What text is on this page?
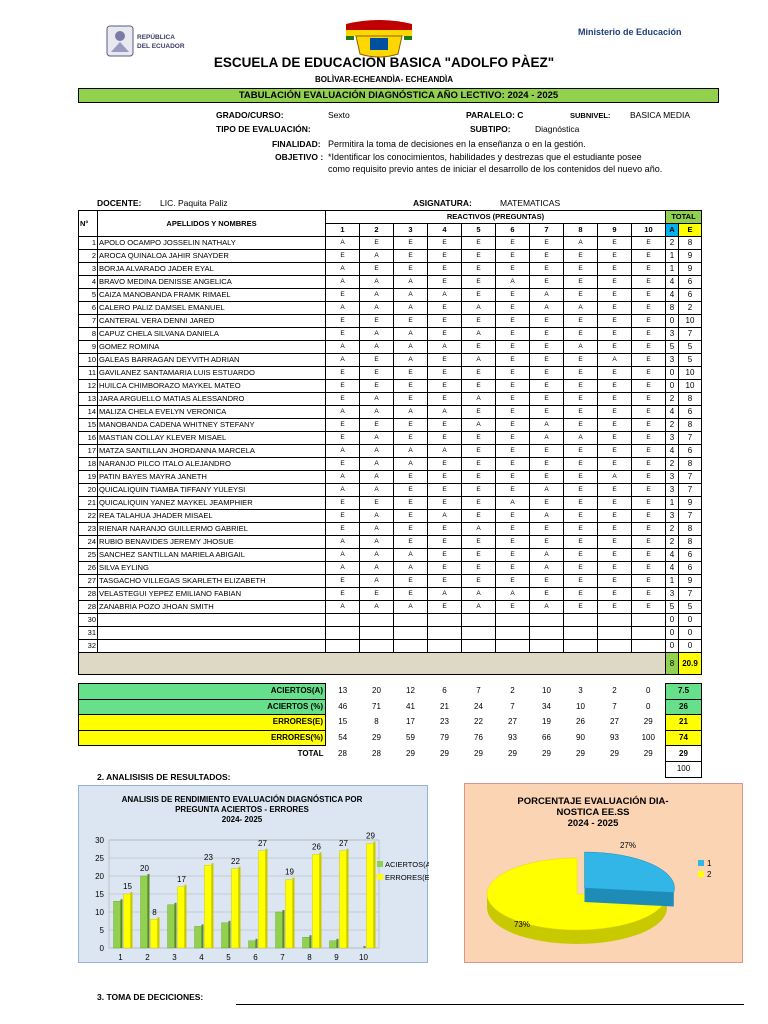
REPÚBLICA
DEL ECUADOR
Ministerio de Educación
ESCUELA DE EDUCACION BASICA "ADOLFO PÀEZ"
BOLÌVAR-ECHEANDÌA- ECHEANDÌA
TABULACIÓN EVALUACIÓN DIAGNÓSTICA AÑO LECTIVO: 2024 - 2025
GRADO/CURSO:	Sexto	PARALELO: C	SUBNIVEL: BASICA MEDIA
TIPO DE EVALUACIÓN:	SUBTIPO:	Diagnóstica
FINALIDAD: Permitira la toma de decisiones en la enseñanza o en la gestión.
OBJETIVO : *Identificar los conocimientos, habilidades y destrezas que el estudiante posee
como requisito previo antes de iniciar el desarrollo de los contenidos del nuevo año.
DOCENTE: LIC. Paquita Paliz	ASIGNATURA:	MATEMATICAS
N°	APELLIDOS Y NOMBRES	REACTIVOS (PREGUNTAS)										TOTAL	
		1	2	3	4	5	6	7	8	9	10	A	E
1	APOLO OCAMPO JOSSELIN NATHALY	A	E	E	E	E	E	E	A	E	E	2	8
2	AROCA QUINALOA JAHIR SNAYDER	E	A	E	E	E	E	E	E	E	E	1	9
3	BORJA ALVARADO JADER EYAL	A	E	E	E	E	E	E	E	E	E	1	9
4	BRAVO MEDINA DENISSE ANGELICA	A	A	A	E	E	A	E	E	E	E	4	6
5	CAIZA MANOBANDA FRAMK RIMAEL	E	A	A	A	E	E	A	E	E	E	4	6
6	CALERO PALIZ DAMSEL EMANUEL	A	A	A	E	A	E	A	A	E	E	8	2
7	CANTERAL VERA DENNI JARED	E	E	E	E	E	E	E	E	E	E	0	10
8	CAPUZ CHELA SILVANA DANIELA	E	A	A	E	A	E	E	E	E	E	3	7
9	GOMEZ ROMINA	A	A	A	A	E	E	E	A	E	E	5	5
10	GALEAS BARRAGAN DEYVITH ADRIAN	A	E	A	E	A	E	E	E	A	E	3	5
11	GAVILANEZ SANTAMARIA LUIS ESTUARDO	E	E	E	E	E	E	E	E	E	E	0	10
12	HUILCA CHIMBORAZO MAYKEL MATEO	E	E	E	E	E	E	E	E	E	E	0	10
13	JARA ARGUELLO MATIAS ALESSANDRO	E	A	E	E	A	E	E	E	E	E	2	8
14	MALIZA CHELA EVELYN VERONICA	A	A	A	A	E	E	E	E	E	E	4	6
15	MANOBANDA CADENA WHITNEY STEFANY	E	E	E	E	A	E	A	E	E	E	2	8
16	MASTIAN COLLAY KLEVER MISAEL	E	A	E	E	E	E	A	A	E	E	3	7
17	MATZA SANTILLAN JHORDANNA MARCELA	A	A	A	A	E	E	E	E	E	E	4	6
18	NARANJO PILCO ITALO ALEJANDRO	E	A	A	E	E	E	E	E	E	E	2	8
19	PATIN BAYES MAYRA JANETH	A	A	E	E	E	E	E	E	A	E	3	7
20	QUICALIQUIN TIAMBA TIFFANY YULEYSI	A	A	E	E	E	E	A	E	E	E	3	7
21	QUICALIQUIN YANEZ MAYKEL JEAMPHIER	E	E	E	E	E	A	E	E	E	E	1	9
22	REA TALAHUA JHADER MISAEL	E	A	E	A	E	E	A	E	E	E	3	7
23	RIENAR NARANJO GUILLERMO GABRIEL	E	A	E	E	A	E	E	E	E	E	2	8
24	RUBIO BENAVIDES JEREMY JHOSUE	A	A	E	E	E	E	E	E	E	E	2	8
25	SANCHEZ SANTILLAN MARIELA ABIGAIL	A	A	A	E	E	E	A	E	E	E	4	6
26	SILVA EYLING	A	A	A	E	E	E	A	E	E	E	4	6
27	TASGACHO VILLEGAS SKARLETH ELIZABETH	E	A	E	E	E	E	E	E	E	E	1	9
28	VELASTEGUI YEPEZ EMILIANO FABIAN	E	E	E	A	A	A	E	E	E	E	3	7
28	ZANABRIA POZO JHOAN SMITH	A	A	A	E	A	E	A	E	E	E	5	5
30												0	0
31												0	0
32												0	0
												8	20.9
ACIERTOS(A)	13	20	12	6	7	2	10	3	2	0	7.5
ACIERTOS (%)	46	71	41	21	24	7	34	10	7	0	26
ERRORES(E)	15	8	17	23	22	27	19	26	27	29	21
ERRORES(%)	54	29	59	79	76	93	66	90	93	100	74
TOTAL	28	28	29	29	29	29	29	29	29	29	29
											100
2. ANALISISIS DE RESULTADOS:
ANALISIS DE RENDIMIENTO EVALUACIÓN DIAGNÓSTICA POR
PREGUNTA ACIERTOS - ERRORES
2024- 2025
0
5
10
15
20
25
30
1	2	3	4	5	6	7	8	9	10
15
20
8
17
23 22
27
19
26 27
29
ACIERTOS(A)
ERRORES(E)
PORCENTAJE EVALUACIÓN DIA-
NOSTICA EE.SS
2024 - 2025
27%
73%
1
2
3. TOMA DE DECICIONES:
